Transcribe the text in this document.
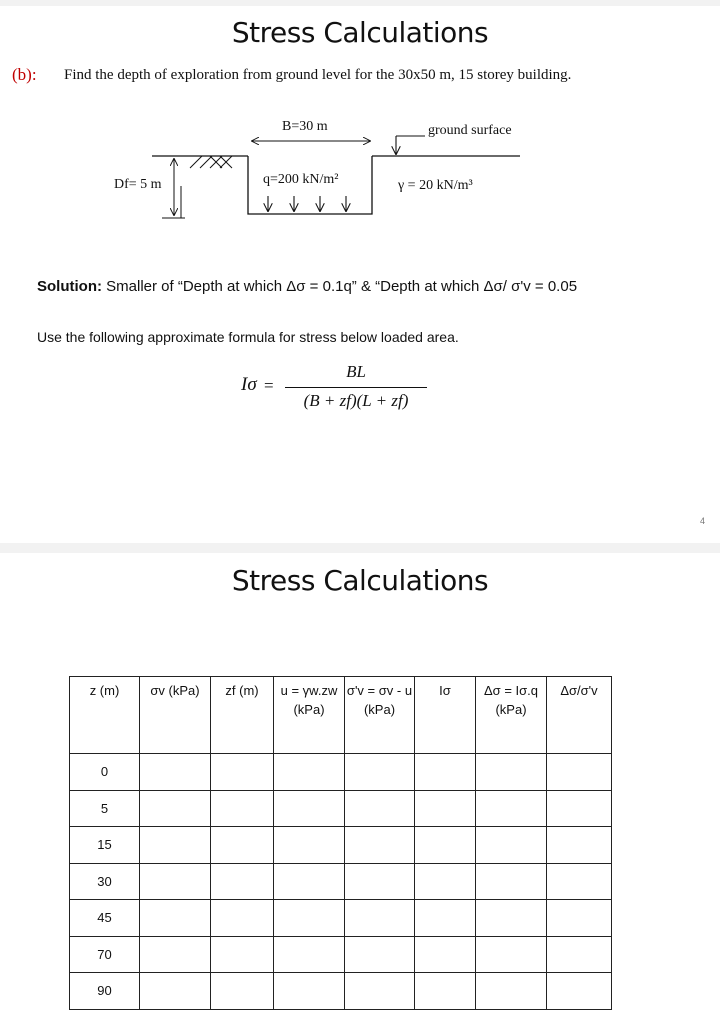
Stress Calculations
(b): Find the depth of exploration from ground level for the 30x50 m, 15 storey building.
B=30 m	ground surface
Df= 5 m	q=200 kN/m²	γ = 20 kN/m³
Solution: Smaller of “Depth at which Δσ = 0.1q” & “Depth at which Δσ/ σ'v = 0.05
Use the following approximate formula for stress below loaded area.
Iσ =
BL
(B + zf)(L + zf)
4
Stress Calculations
z (m)	σv (kPa)	zf (m)	u = γw.zw (kPa)	σ'v = σv - u (kPa)	Iσ	Δσ = Iσ.q (kPa)	Δσ/σ'v
0							
5							
15							
30							
45							
70							
90							
